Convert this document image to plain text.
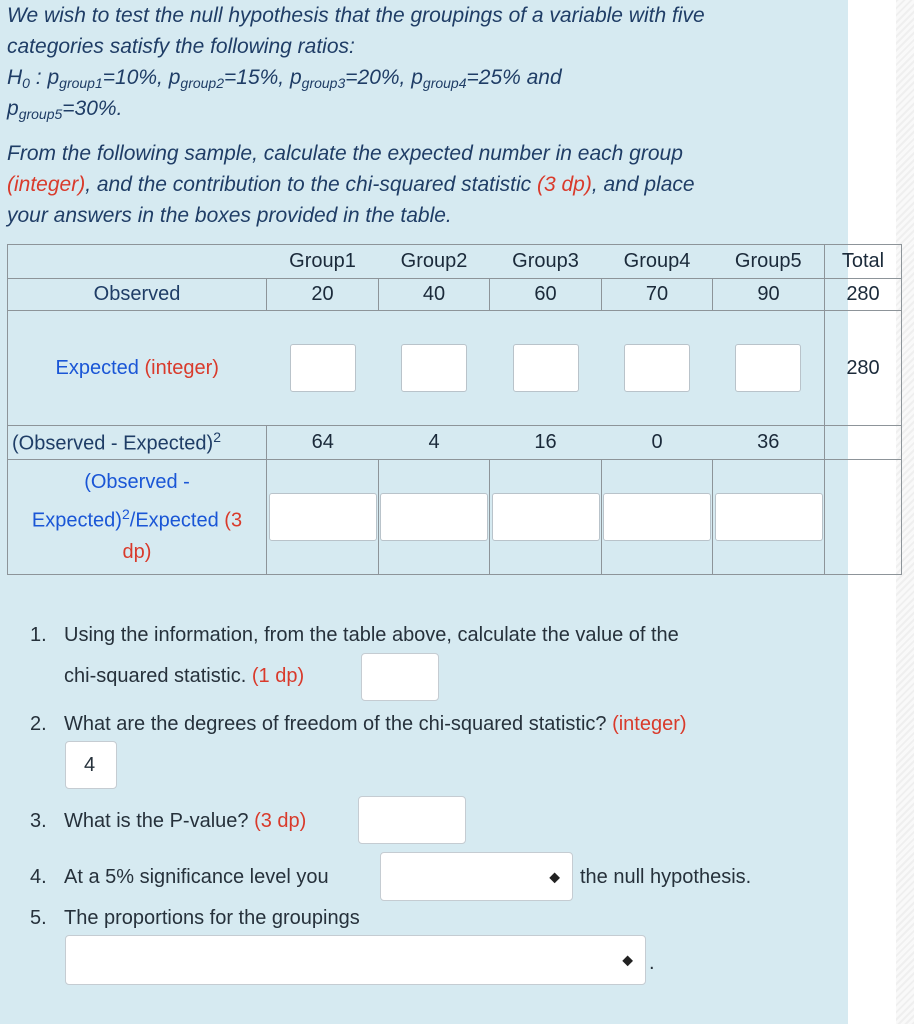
We wish to test the null hypothesis that the groupings of a variable with five
categories satisfy the following ratios:
$H_0$ : $p_{group1}=10\%$, $p_{group2}=15\%$, $p_{group3}=20\%$, $p_{group4}=25\%$ and
$p_{group5}=30\%$.
From the following sample, calculate the expected number in each group
(integer), and the contribution to the chi-squared statistic (3 dp), and place
your answers in the boxes provided in the table.
	Group1	Group2	Group3	Group4	Group5	Total
Observed	20	40	60	70	90	280
Expected (integer)						280
(Observed - Expected)$^2$	64	4	16	0	36	
(Observed -
Expected)$^2$/Expected (3
dp)	

1. Using the information, from the table above, calculate the value of the
chi-squared statistic. (1 dp)
2. What are the degrees of freedom of the chi-squared statistic? (integer)
3. What is the P-value? (3 dp)
4. At a 5% significance level you	the null hypothesis.
5. The proportions for the groupings
4
◆
◆ .
